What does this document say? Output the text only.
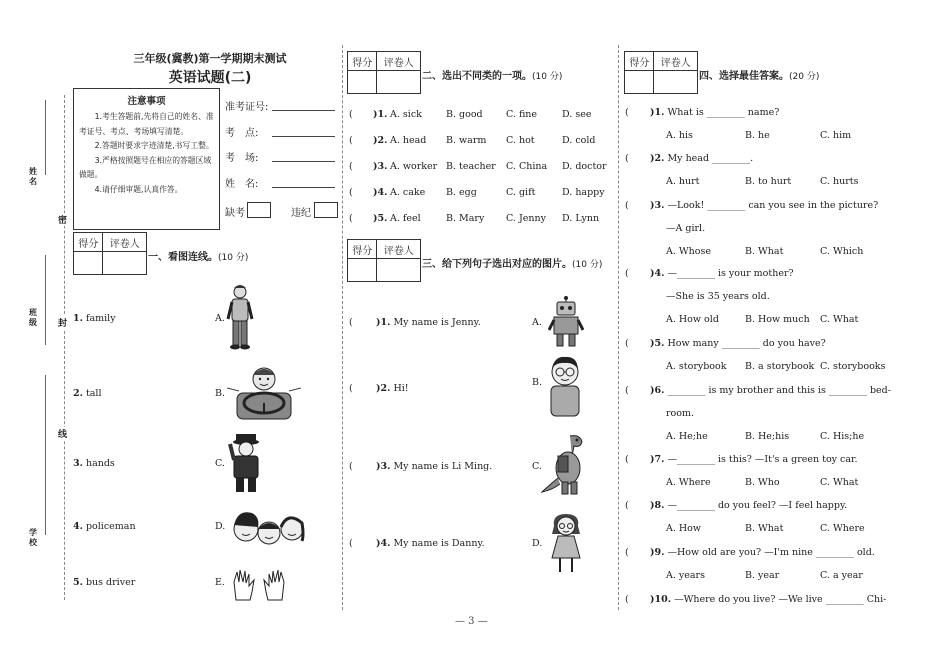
姓名
班级
学校
密
封
线
三年级(冀教)第一学期期末测试
英语试题(二)
注意事项

1.考生答题前,先将自己的姓名、准考证号、考点、考场填写清楚。

2.答题时要求字迹清楚,书写工整。

3.严格按照题号在相应的答题区域做题。

4.请仔细审题,认真作答。

准考证号:
考　点:
考　场:
姓　名:
缺考	违纪
得分	评卷人

一、看图连线。(10 分)
1. family
2. tall
3. hands
4. policeman
5. bus driver
A.
B.
C.
D.
E.
得分	评卷人

二、选出不同类的一项。(10 分)
( )1. A. sick	B. good C. fine	D. see
( )2. A. head B. warm C. hot	D. cold
( )3. A. worker B. teacher C. China D. doctor
( )4. A. cake B. egg	C. gift	D. happy
( )5. A. feel	B. Mary C. Jenny D. Lynn
得分	评卷人

三、给下列句子选出对应的图片。(10 分)
( )1. My name is Jenny.
( )2. Hi!
( )3. My name is Li Ming.
( )4. My name is Danny.
A.
B.
C.
D.
得分	评卷人

四、选择最佳答案。(20 分)
( )1. What is ________ name?
A. his	B. he	C. him
( )2. My head ________.
A. hurt	B. to hurt	C. hurts
( )3. —Look! ________ can you see in the picture?
—A girl.
A. Whose	B. What	C. Which
( )4. —________ is your mother?
—She is 35 years old.
A. How old	B. How much C. What
( )5. How many ________ do you have?
A. storybook B. a storybook C. storybooks
( )6. ________ is my brother and this is ________ bed-
room.
A. He;he	B. He;his	C. His;he
( )7. —________ is this? —It's a green toy car.
A. Where	B. Who	C. What
( )8. —________ do you feel? —I feel happy.
A. How	B. What	C. Where
( )9. —How old are you? —I'm nine ________ old.
A. years	B. year	C. a year
( )10. —Where do you live? —We live ________ Chi-
— 3 —
